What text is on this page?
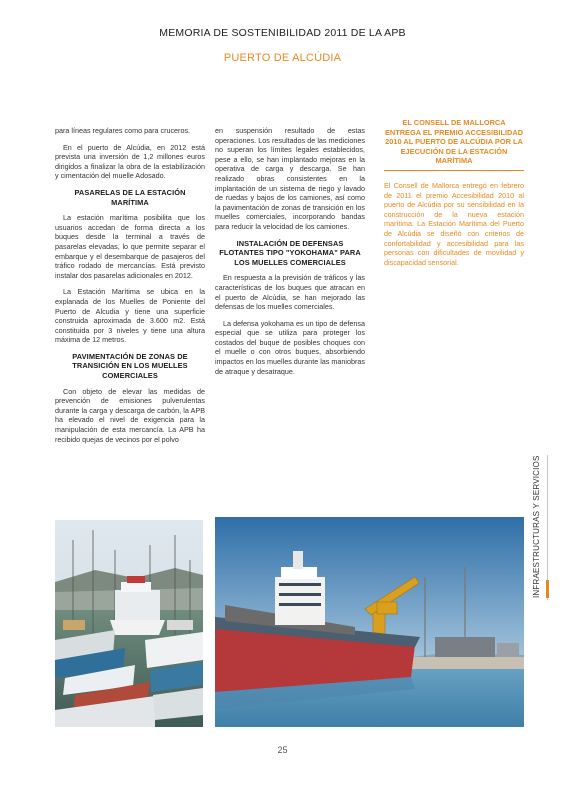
MEMORIA DE SOSTENIBILIDAD 2011 DE LA APB
PUERTO DE ALCÚDIA

para líneas regulares como para cruceros.

En el puerto de Alcúdia, en 2012 está prevista una inversión de 1,2 millones euros dirigidos a finalizar la obra de la estabilización y cimentación del muelle Adosado.

PASARELAS DE LA ESTACIÓN MARÍTIMA

La estación marítima posibilita que los usuarios accedan de forma directa a los buques desde la terminal a través de pasarelas elevadas, lo que permite separar el embarque y el desembarque de pasajeros del tráfico rodado de mercancías. Está previsto instalar dos pasarelas adicionales en 2012.

La Estación Marítima se ubica en la explanada de los Muelles de Poniente del Puerto de Alcudia y tiene una superficie construida aproximada de 3.600 m2. Está constituida por 3 niveles y tiene una altura máxima de 12 metros.

PAVIMENTACIÓN DE ZONAS DE TRANSICIÓN EN LOS MUELLES COMERCIALES

Con objeto de elevar las medidas de prevención de emisiones pulverulentas durante la carga y descarga de carbón, la APB ha elevado el nivel de exigencia para la manipulación de esta mercancía. La APB ha recibido quejas de vecinos por el polvo

en suspensión resultado de estas operaciones. Los resultados de las mediciones no superan los límites legales establecidos, pese a ello, se han implantado mejoras en la operativa de carga y descarga. Se han realizado obras consistentes en la implantación de un sistema de riego y lavado de ruedas y bajos de los camiones, así como la pavimentación de zonas de transición en los muelles comerciales, incorporando bandas para reducir la velocidad de los camiones.

INSTALACIÓN DE DEFENSAS FLOTANTES TIPO "YOKOHAMA" PARA LOS MUELLES COMERCIALES

En respuesta a la previsión de tráficos y las características de los buques que atracan en el puerto de Alcúdia, se han mejorado las defensas de los muelles comerciales.

La defensa yokohama es un tipo de defensa especial que se utiliza para proteger los costados del buque de posibles choques con el muelle o con otros buques, absorbiendo impactos en los muelles durante las maniobras de atraque y desatraque.

EL CONSELL DE MALLORCA ENTREGA EL PREMIO ACCESIBILIDAD 2010 AL PUERTO DE ALCÚDIA POR LA EJECUCIÓN DE LA ESTACIÓN MARÍTIMA

El Consell de Mallorca entregó en febrero de 2011 el premio Accesibilidad 2010 al puerto de Alcúdia por su sensibilidad en la construcción de la nueva estación marítima. La Estación Marítima del Puerto de Alcúdia se diseñó con criterios de confortabilidad y accesibilidad para las personas con dificultades de movilidad y discapacidad sensorial.

INFRAESTRUCTURAS Y SERVICIOS
25
